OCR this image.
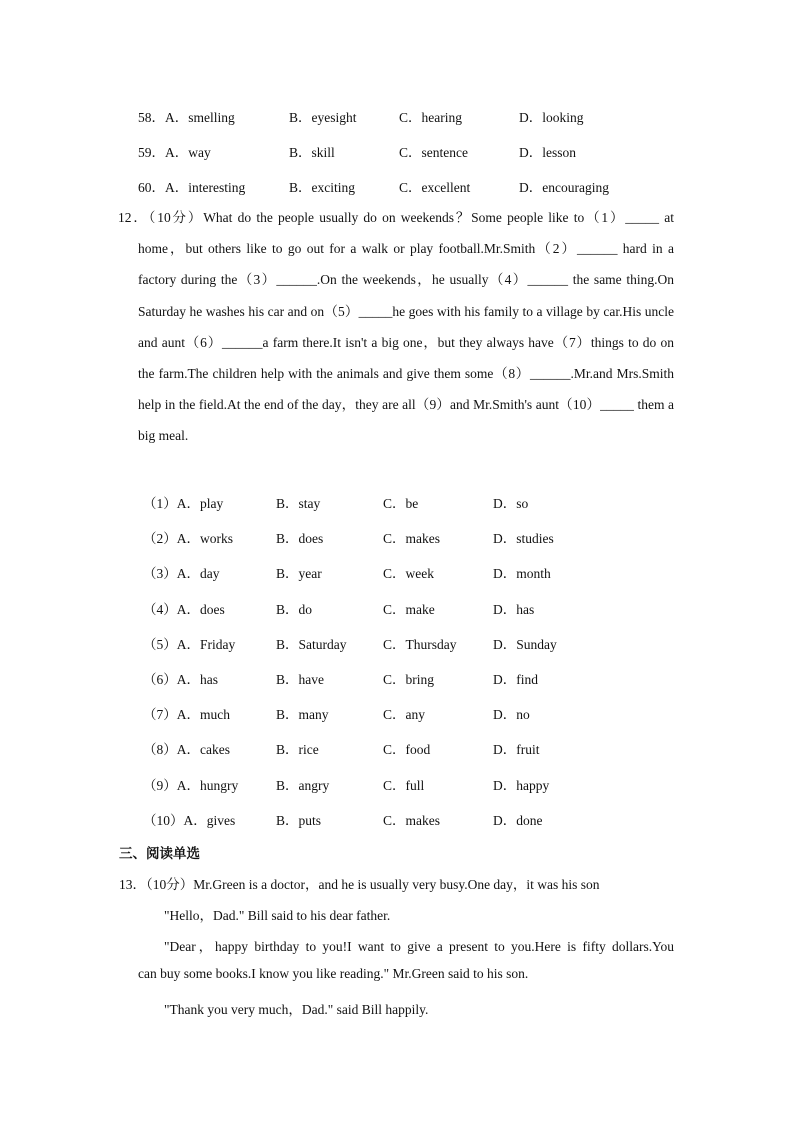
58．A．smelling	B．eyesight	C．hearing	D．looking
59．A．way	B．skill	C．sentence	D．lesson
60．A．interesting	B．exciting	C．excellent	D．encouraging
12．（10分）What do the people usually do on weekends？Some people like to（1）_____ at home，but others like to go out for a walk or play football.Mr.Smith（2）______ hard in a factory during the（3）______.On the weekends，he usually（4）______ the same thing.On Saturday he washes his car and on（5）_____he goes with his family to a village by car.His uncle and aunt（6）______a farm there.It isn't a big one，but they always have（7）things to do on the farm.The children help with the animals and give them some（8）______.Mr.and Mrs.Smith help in the field.At the end of the day，they are all（9）and Mr.Smith's aunt（10）_____ them a big meal.
（1）A．play	B．stay	C．be	D．so
（2）A．works	B．does	C．makes	D．studies
（3）A．day	B．year	C．week	D．month
（4）A．does	B．do	C．make	D．has
（5）A．Friday	B．Saturday	C．Thursday	D．Sunday
（6）A．has	B．have	C．bring	D．find
（7）A．much	B．many	C．any	D．no
（8）A．cakes	B．rice	C．food	D．fruit
（9）A．hungry	B．angry	C．full	D．happy
（10）A．gives	B．puts	C．makes	D．done
三、阅读单选
13．（10分）Mr.Green is a doctor，and he is usually very busy.One day，it was his son
"Hello，Dad." Bill said to his dear father.
"Dear，happy birthday to you!I want to give a present to you.Here is fifty dollars.You
can buy some books.I know you like reading." Mr.Green said to his son.
"Thank you very much，Dad." said Bill happily.
